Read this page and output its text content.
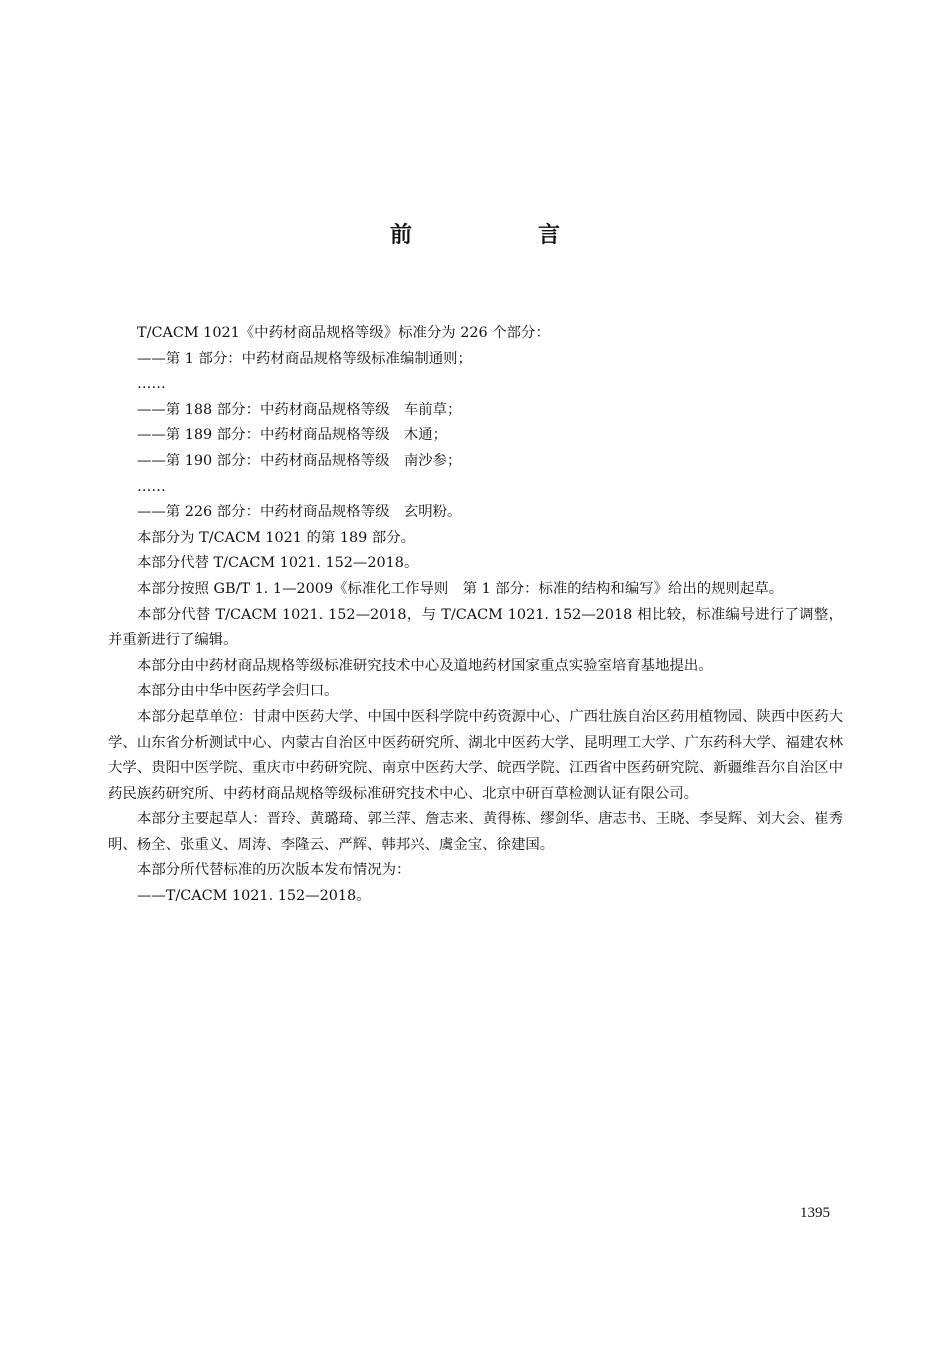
前　言

T/CACM 1021《中药材商品规格等级》标准分为 226 个部分：

——第 1 部分：中药材商品规格等级标准编制通则；

……

——第 188 部分：中药材商品规格等级　车前草；

——第 189 部分：中药材商品规格等级　木通；

——第 190 部分：中药材商品规格等级　南沙参；

……

——第 226 部分：中药材商品规格等级　玄明粉。

本部分为 T/CACM 1021 的第 189 部分。

本部分代替 T/CACM 1021. 152—2018。

本部分按照 GB/T 1. 1—2009《标准化工作导则　第 1 部分：标准的结构和编写》给出的规则起草。

本部分代替 T/CACM 1021. 152—2018，与 T/CACM 1021. 152—2018 相比较，标准编号进行了调整，并重新进行了编辑。

本部分由中药材商品规格等级标准研究技术中心及道地药材国家重点实验室培育基地提出。

本部分由中华中医药学会归口。

本部分起草单位：甘肃中医药大学、中国中医科学院中药资源中心、广西壮族自治区药用植物园、陕西中医药大学、山东省分析测试中心、内蒙古自治区中医药研究所、湖北中医药大学、昆明理工大学、广东药科大学、福建农林大学、贵阳中医学院、重庆市中药研究院、南京中医药大学、皖西学院、江西省中医药研究院、新疆维吾尔自治区中药民族药研究所、中药材商品规格等级标准研究技术中心、北京中研百草检测认证有限公司。

本部分主要起草人：晋玲、黄璐琦、郭兰萍、詹志来、黄得栋、缪剑华、唐志书、王晓、李旻辉、刘大会、崔秀明、杨全、张重义、周涛、李隆云、严辉、韩邦兴、虞金宝、徐建国。

本部分所代替标准的历次版本发布情况为：

——T/CACM 1021. 152—2018。

1395
